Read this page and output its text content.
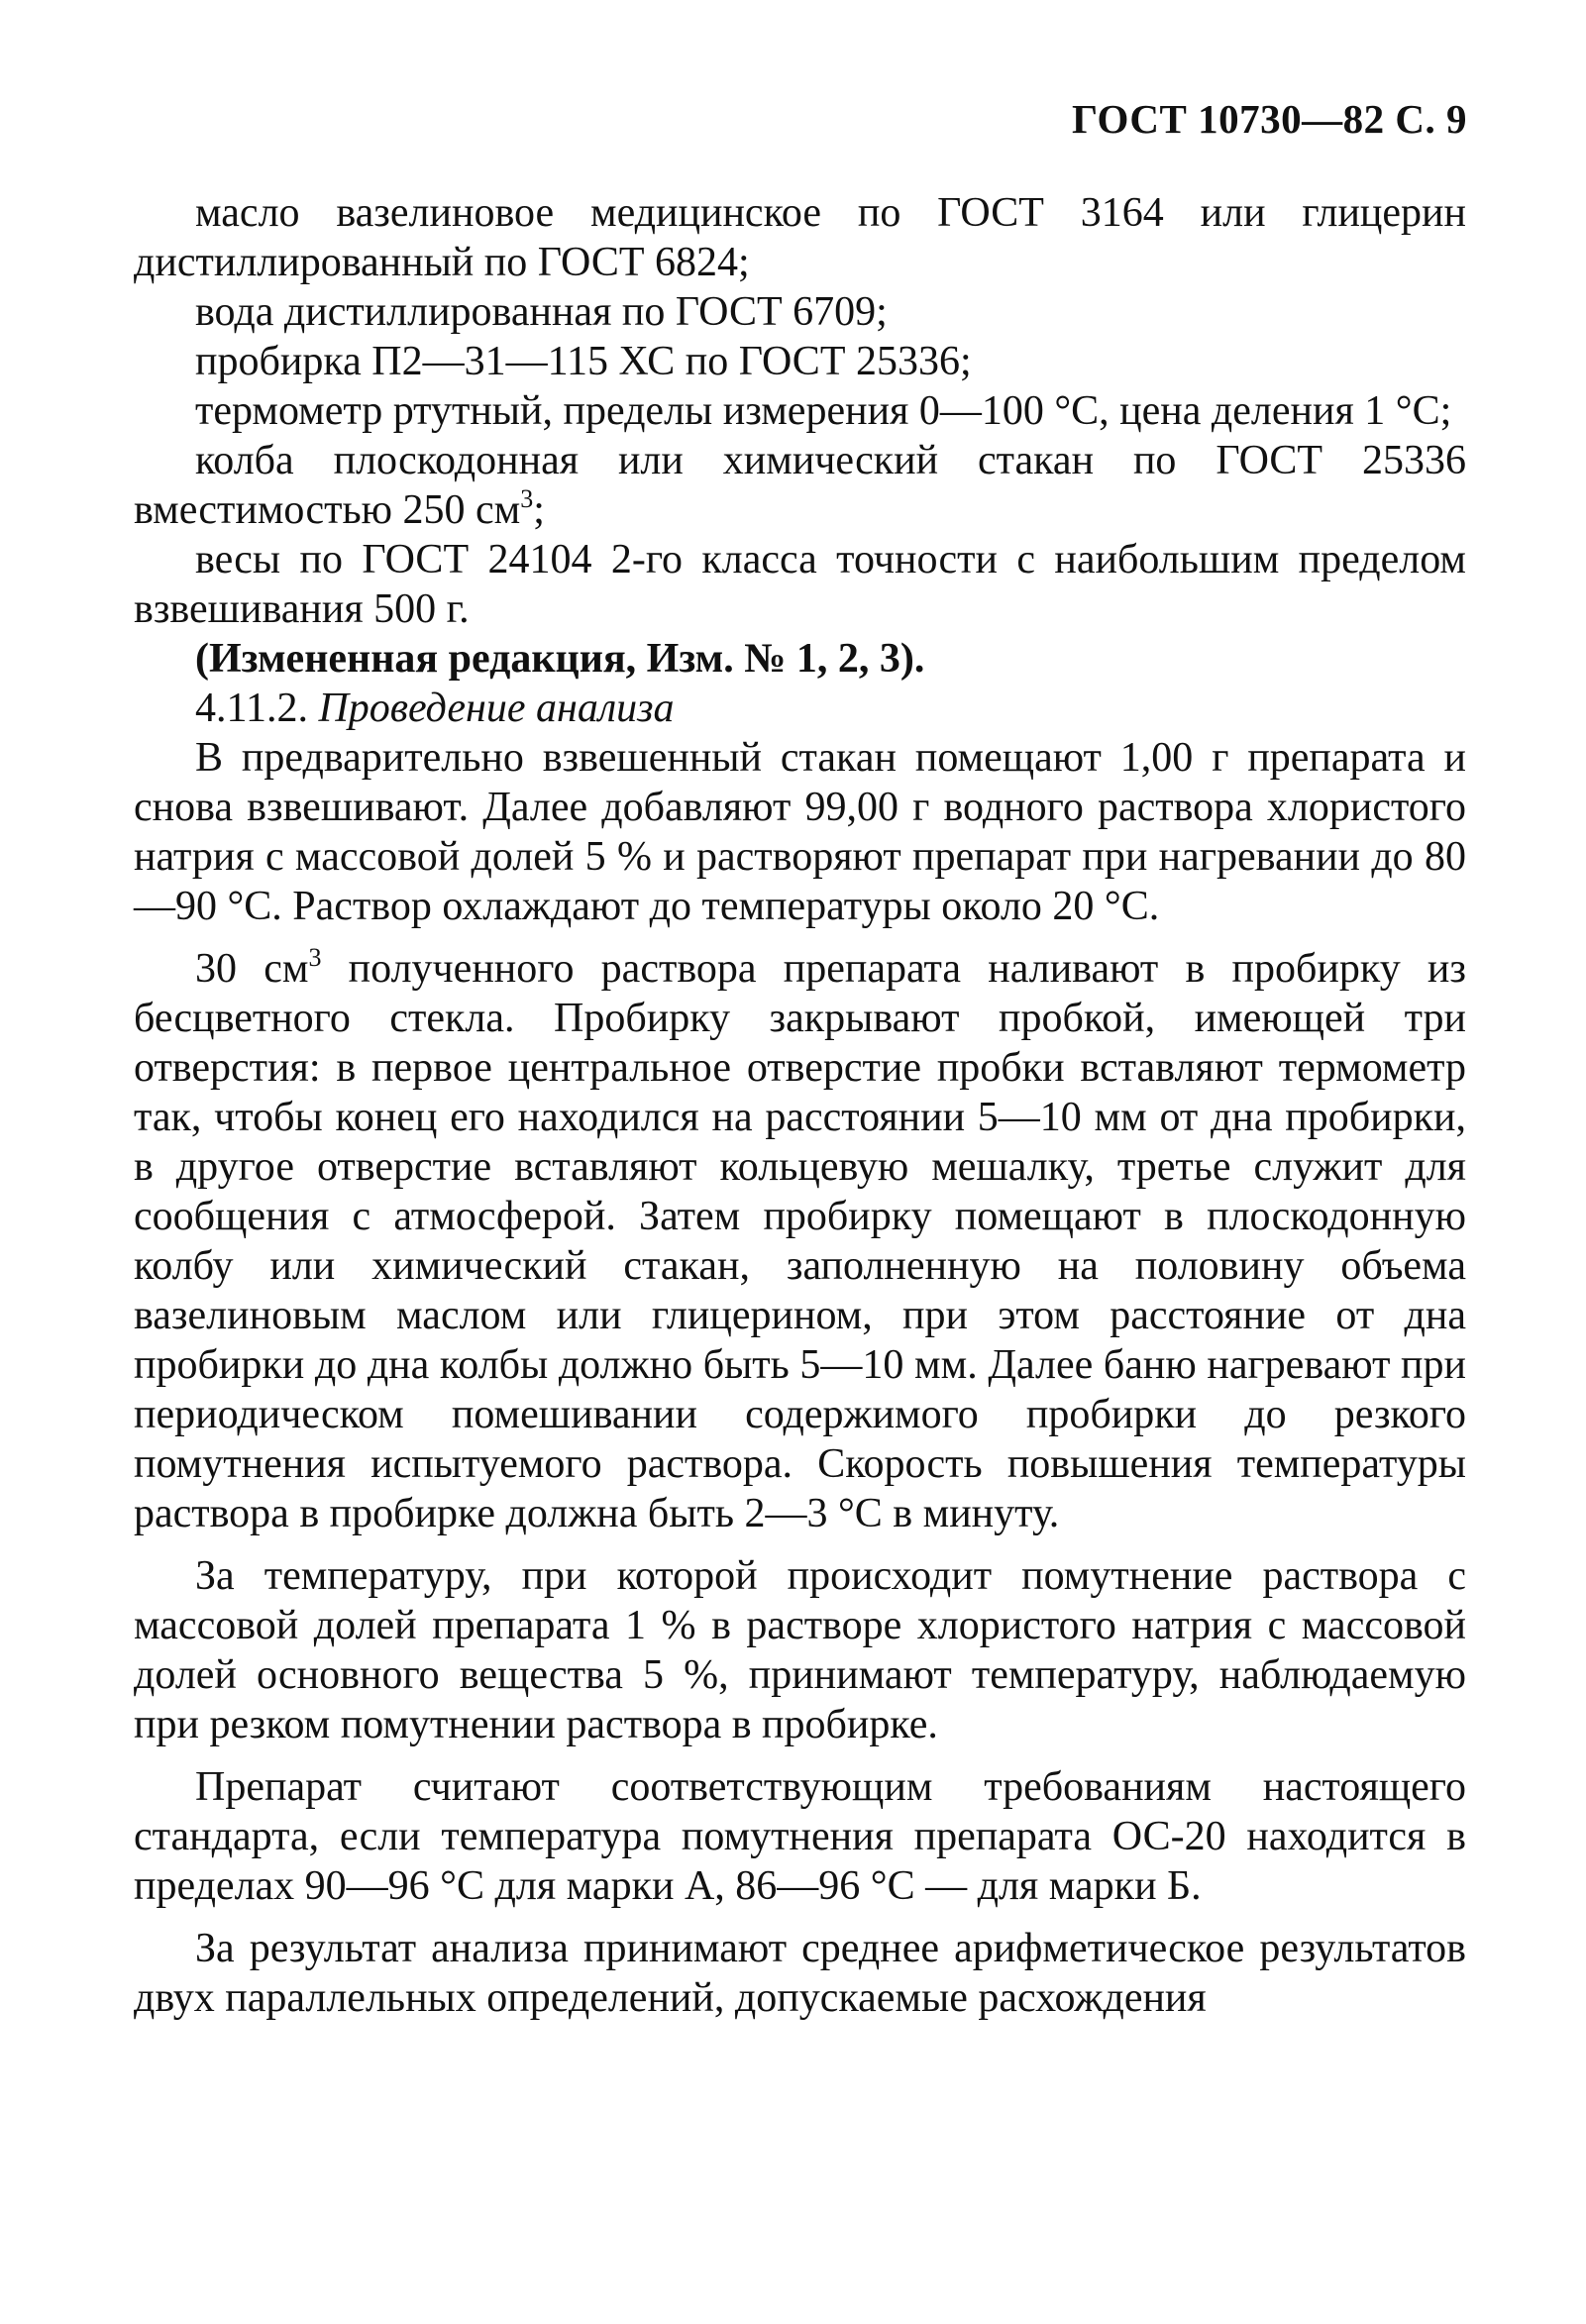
ГОСТ 10730—82 С. 9

масло вазелиновое медицинское по ГОСТ 3164 или глицерин дистиллированный по ГОСТ 6824;

вода дистиллированная по ГОСТ 6709;

пробирка П2—31—115 ХС по ГОСТ 25336;

термометр ртутный, пределы измерения 0—100 °С, цена деления 1 °С;

колба плоскодонная или химический стакан по ГОСТ 25336 вместимостью 250 $см^3$;

весы по ГОСТ 24104 2-го класса точности с наибольшим пределом взвешивания 500 г.

(Измененная редакция, Изм. № 1, 2, 3).

4.11.2. Проведение анализа

В предварительно взвешенный стакан помещают 1,00 г препарата и снова взвешивают. Далее добавляют 99,00 г водного раствора хлористого натрия с массовой долей 5 % и растворяют препарат при нагревании до 80—90 °С. Раствор охлаждают до температуры около 20 °С.

30 $см^3$ полученного раствора препарата наливают в пробирку из бесцветного стекла. Пробирку закрывают пробкой, имеющей три отверстия: в первое центральное отверстие пробки вставляют термометр так, чтобы конец его находился на расстоянии 5—10 мм от дна пробирки, в другое отверстие вставляют кольцевую мешалку, третье служит для сообщения с атмосферой. Затем пробирку помещают в плоскодонную колбу или химический стакан, заполненную на половину объема вазелиновым маслом или глицерином, при этом расстояние от дна пробирки до дна колбы должно быть 5—10 мм. Далее баню нагревают при периодическом помешивании содержимого пробирки до резкого помутнения испытуемого раствора. Скорость повышения температуры раствора в пробирке должна быть 2—3 °С в минуту.

За температуру, при которой происходит помутнение раствора с массовой долей препарата 1 % в растворе хлористого натрия с массовой долей основного вещества 5 %, принимают температуру, наблюдаемую при резком помутнении раствора в пробирке.

Препарат считают соответствующим требованиям настоящего стандарта, если температура помутнения препарата ОС-20 находится в пределах 90—96 °С для марки А, 86—96 °С — для марки Б.

За результат анализа принимают среднее арифметическое результатов двух параллельных определений, допускаемые расхождения
